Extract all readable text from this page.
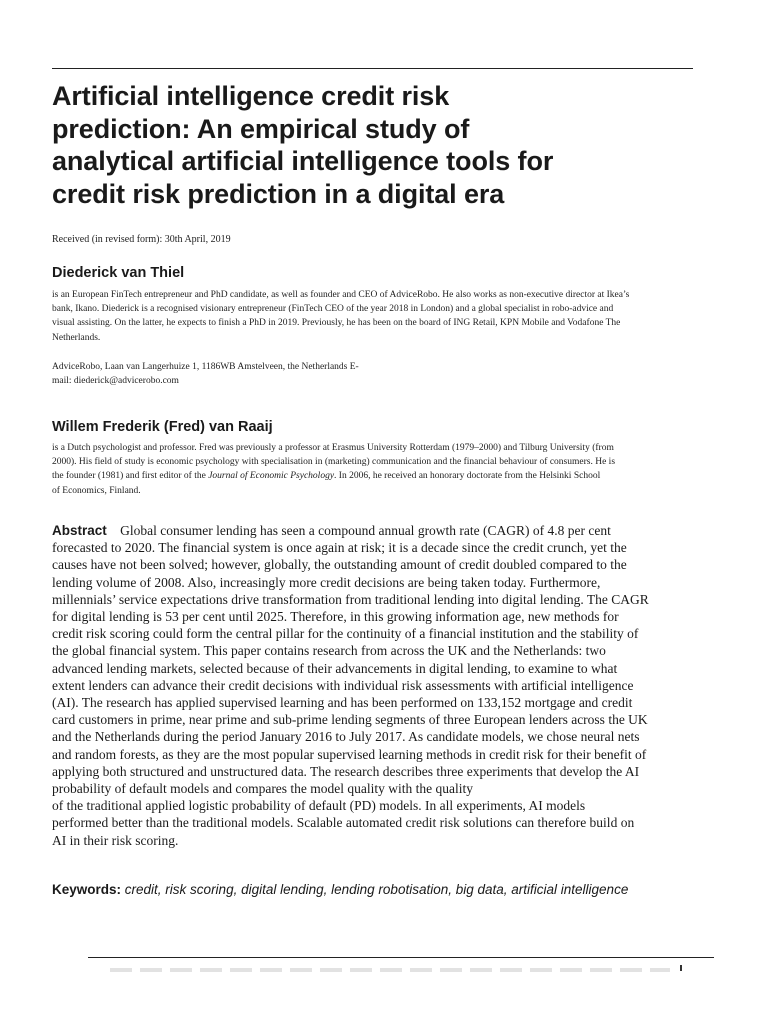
Artificial intelligence credit risk
prediction: An empirical study of
analytical artificial intelligence tools for
credit risk prediction in a digital era
Received (in revised form): 30th April, 2019
Diederick van Thiel

is an European FinTech entrepreneur and PhD candidate, as well as founder and CEO of AdviceRobo. He also works as non-executive director at Ikea’s
bank, Ikano. Diederick is a recognised visionary entrepreneur (FinTech CEO of the year 2018 in London) and a global specialist in robo-advice and
visual assisting. On the latter, he expects to finish a PhD in 2019. Previously, he has been on the board of ING Retail, KPN Mobile and Vodafone The
Netherlands.

AdviceRobo, Laan van Langerhuize 1, 1186WB Amstelveen, the Netherlands E-
mail: diederick@advicerobo.com

Willem Frederik (Fred) van Raaij

is a Dutch psychologist and professor. Fred was previously a professor at Erasmus University Rotterdam (1979–2000) and Tilburg University (from
2000). His field of study is economic psychology with specialisation in (marketing) communication and the financial behaviour of consumers. He is
the founder (1981) and first editor of the Journal of Economic Psychology. In 2006, he received an honorary doctorate from the Helsinki School
of Economics, Finland.

Abstract Global consumer lending has seen a compound annual growth rate (CAGR) of 4.8 per cent
forecasted to 2020. The financial system is once again at risk; it is a decade since the credit crunch, yet the
causes have not been solved; however, globally, the outstanding amount of credit doubled compared to the
lending volume of 2008. Also, increasingly more credit decisions are being taken today. Furthermore,
millennials’ service expectations drive transformation from traditional lending into digital lending. The CAGR
for digital lending is 53 per cent until 2025. Therefore, in this growing information age, new methods for
credit risk scoring could form the central pillar for the continuity of a financial institution and the stability of
the global financial system. This paper contains research from across the UK and the Netherlands: two
advanced lending markets, selected because of their advancements in digital lending, to examine to what
extent lenders can advance their credit decisions with individual risk assessments with artificial intelligence
(AI). The research has applied supervised learning and has been performed on 133,152 mortgage and credit
card customers in prime, near prime and sub-prime lending segments of three European lenders across the UK
and the Netherlands during the period January 2016 to July 2017. As candidate models, we chose neural nets
and random forests, as they are the most popular supervised learning methods in credit risk for their benefit of
applying both structured and unstructured data. The research describes three experiments that develop the AI
probability of default models and compares the model quality with the quality
of the traditional applied logistic probability of default (PD) models. In all experiments, AI models
performed better than the traditional models. Scalable automated credit risk solutions can therefore build on
AI in their risk scoring.

Keywords: credit, risk scoring, digital lending, lending robotisation, big data, artificial intelligence
